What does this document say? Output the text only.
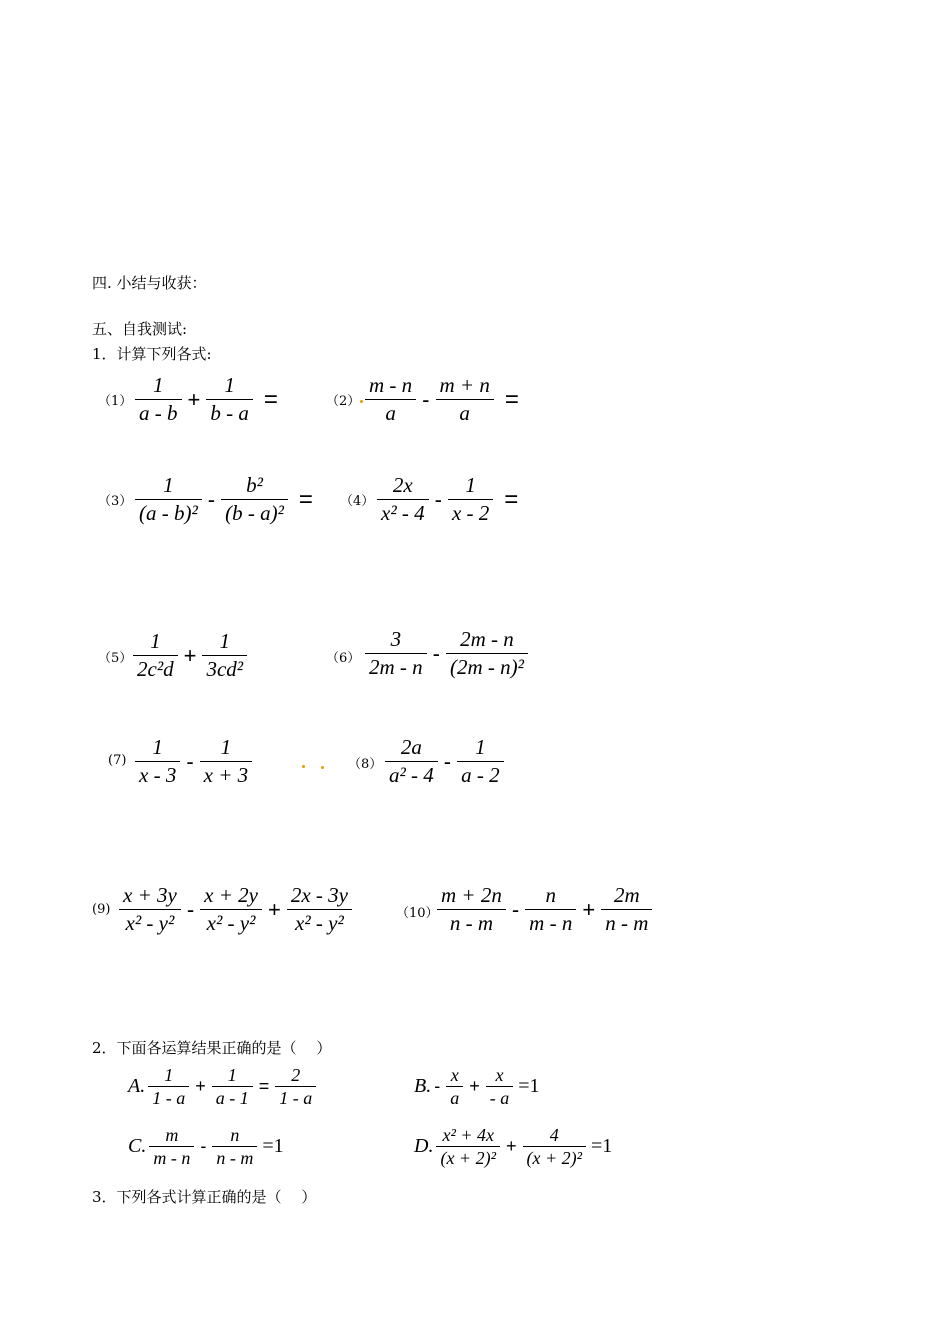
四. 小结与收获：
五、自我测试:
1．计算下列各式:
$(1) \frac{1}{a - b} + \frac{1}{b - a}$ =	$(2) \frac{m - n}{a} - \frac{m + n}{a}$ =
$(3) \frac{1}{\text{(a - b)²}} - \frac{\text{b²}}{\text{(b - a)²}} = (4) \frac{2x}{\text{x² - 4}} - \frac{1}{x - 2}$ =
$(5) \frac{1}{\text{2c²d}} + \frac{1}{\text{3cd²}}$	$(6) \frac{3}{2m - n} - \frac{2m - n}{\text{(2m - n)²}}$
$(7) \frac{1}{x - 3} - \frac{1}{x + 3}$	$(8) \frac{2a}{\text{a² - 4}} - \frac{1}{a - 2}$
$(9) \frac{x + 3y}{\text{x² - y²}} - \frac{x + 2y}{\text{x² - y²}} + \frac{2x - 3y}{\text{x² - y²}}$	（10）
$\frac{m + 2n}{n - m} - \frac{n}{m - n} + \frac{2m}{n - m}$
2．下面各运算结果正确的是（　 ）
A. $\frac{1}{1 - a} + \frac{1}{a - 1} = \frac{2}{1 - a}$	B. - $\frac{x}{a} + \frac{x}{- a} =1$
C. $\frac{m}{m - n} - \frac{n}{n - m} =1$	D. $\frac{\text{x² + 4x}}{\text{(x + 2)²}} + \frac{4}{\text{(x + 2)²}} =1$
3．下列各式计算正确的是（　 ）
